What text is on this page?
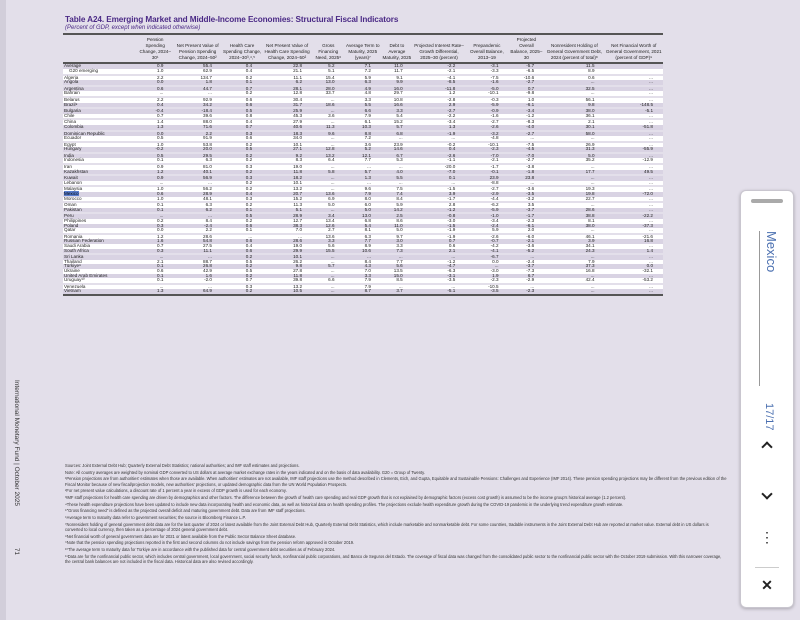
International Monetary Fund | October 2025 71
Table A24. Emerging Market and Middle-Income Economies: Structural Fiscal Indicators
(Percent of GDP, except when indicated otherwise)
	Pension Spending Change, 2024–30¹	Net Present Value of Pension Spending Change, 2024–50²	Health Care Spending Change, 2024–30³,⁴,⁵	Net Present Value of Health Care Spending Change, 2024–50²	Gross Financing Need, 2025⁶	Average Term to Maturity, 2025 (years)⁷	Debt to Average Maturity, 2025	Projected Interest Rate–Growth Differential, 2025–30 (percent)	Prepandemic Overall Balance, 2013–19	Projected Overall Balance, 2025–30	Nonresident Holding of General Government Debt, 2024 (percent of total)⁸	Net Financial Worth of General Government, 2021 (percent of GDP)⁹
Average	0.9	55.4	0.4	22.8	5.2	7.1	11.0	-2.2	-3.1	-5.7	11.5	
G20 emerging	1.0	62.9	0.4	21.1	5.1	7.2	11.7	-2.1	-3.3	-6.5	8.9	

Algeria	2.2	134.7	0.2	11.1	15.4	5.9	9.1	-4.1	-7.5	-10.6	0.6	...
Angola	0.0	1.8	0.1	6.2	13.0	6.3	9.9	-8.5	-1.6	-2.7	...	...

Argentina	0.6	44.7	0.7	28.1	28.0	4.9	16.0	-11.8	-5.0	0.7	32.5	...
Bahrain	...	...	0.2	12.8	33.7	4.8	29.7	1.2	-10.1	-9.8	...	...

Belarus	2.2	92.9	0.6	30.4	...	3.3	10.8	-2.8	-0.3	1.0	56.1	...
Brazil⁹	0.4	34.2	0.6	31.7	18.6	5.5	16.6	2.9	-5.9	-6.1	9.8	-148.5

Bulgaria	-0.4	-18.4	0.5	25.9	...	6.6	3.3	-2.7	-0.9	-3.4	38.0	-5.1
Chile	0.7	39.6	0.8	45.3	3.6	7.9	5.4	-2.2	-1.6	-1.2	36.1	...

China	1.4	88.0	0.4	27.9	...	6.1	15.2	-3.4	-2.7	-8.3	2.1	...
Colombia	1.3	71.6	0.7	40.6	11.3	10.3	5.7	1.3	-2.6	-4.0	30.1	-51.8

Dominican Republic	0.0	2.2	0.3	18.3	9.6	8.8	6.8	-1.9	-3.2	-2.7	58.0	...
Ecuador	0.5	91.9	0.6	34.0	...	7.2	...	...	-4.8	...	...	...

Egypt	1.0	53.8	0.2	10.1	...	3.6	23.9	-0.2	-10.1	-7.5	26.9	...
Hungary	-0.2	20.0	0.5	27.1	12.8	5.2	14.6	0.4	-2.3	-4.5	31.3	-55.9

India	0.5	29.5	0.2	9.2	13.2	12.1	6.7	-2.6	-7.0	-7.0	5.0	...
Indonesia	0.1	6.3	0.2	8.3	6.4	7.7	5.3	-1.1	-2.1	-2.7	35.2	-12.9

Iran	0.9	81.0	0.3	19.0	...	...	...	-20.0	-1.7	-3.8	...	...
Kazakhstan	1.2	40.1	0.2	11.8	5.8	5.7	4.0	-7.0	-0.1	-1.8	17.7	49.5

Kuwait	0.9	56.9	0.3	18.2	...	1.3	5.5	0.1	23.9	23.8	...	...
Lebanon	...	...	0.2	10.1	...	...	...	...	-8.8	...	...	...

Malaysia	1.0	56.2	0.2	13.2	...	9.6	7.5	-1.5	-2.7	-3.6	19.3	...
Mexico	0.6	28.9	0.4	20.7	13.6	7.9	7.4	3.9	-2.9	-3.5	19.8	-72.0
Morocco	1.0	48.1	0.3	15.2	6.9	8.0	8.4	-1.7	-4.4	-3.2	22.7	...

Oman	0.1	6.3	0.2	11.3	5.0	6.0	5.9	2.8	-6.2	3.5	...	...
Pakistan	0.1	6.2	0.1	5.1	...	5.0	14.2	-1.2	-5.9	-3.7	28.6	...

Peru	...	...	0.5	28.9	3.4	13.0	2.5	-0.8	-1.0	-1.7	38.8	-22.2
Philippines	0.2	8.4	0.2	12.7	13.4	6.8	8.6	-3.0	-3.4	-2.3	8.1	...
Poland	0.3	-2.4	0.6	38.3	12.6	5.4	11.0	-1.5	-2.4	-6.1	38.0	-37.3
Qatar	0.0	2.2	0.1	7.0	2.7	8.1	5.0	-1.9	5.9	2.0	...	...

Romania	1.2	28.6	...	...	13.6	6.3	9.7	-1.9	-2.6	-6.0	46.1	-21.6
Russian Federation	1.6	54.8	0.6	28.6	3.3	7.7	3.0	0.7	-0.7	-2.1	3.9	16.8
Saudi Arabia	0.7	27.5	0.4	19.0	5.6	8.9	3.3	0.6	-4.2	-3.6	34.1	...
South Africa	0.3	11.1	0.6	29.9	15.5	10.6	7.3	2.1	-4.1	-5.2	24.3	1.4

Sri Lanka	...	...	0.2	10.1	...	...	...	...	-6.7	...	...	...
Thailand	2.1	88.7	0.5	26.2	...	8.4	7.7	-1.2	0.0	-2.4	7.9	...
Türkiye⁹	0.1	26.8	0.2	9.8	5.7	4.3	5.6	-4.7	...	-3.7	37.3	0.0
Ukraine	0.6	42.9	0.5	27.8	...	7.0	13.5	-6.3	-3.0	-7.3	16.8	-32.1
United Arab Emirates	0.1	1.6	0.2	11.8	...	3.3	15.0	-3.1	1.9	6.7	...	...
Uruguay¹⁰	0.1	-2.0	0.7	39.8	6.6	7.9	8.5	-3.5	-2.3	-2.9	42.4	-53.2

Venezuela	...	...	0.3	13.2	...	7.9	...	...	-10.5	...	...	...
Vietnam	1.3	64.9	0.2	10.5	...	8.7	3.7	-5.1	-3.5	-2.3	...	...

Sources: Joint External Debt Hub; Quarterly External Debt Statistics; national authorities; and IMF staff estimates and projections.

Note: All country averages are weighted by nominal GDP converted to US dollars at average market exchange rates in the years indicated and on the basis of data availability. G20 = Group of Twenty.

¹Pension projections are from authorities' estimates when those are available. When authorities' estimates are not available, IMF staff projections use the method described in Clements, Eich, and Gupta, Equitable and Sustainable Pensions: Challenges and Experience (IMF 2014). These pension spending projections may be different from the previous edition of the Fiscal Monitor because of new fiscal/projection models, new authorities' projections, or updated demographic data from the UN World Population Prospects.

²For net present value calculations, a discount rate of 1 percent a year in excess of GDP growth is used for each economy.

³IMF staff projections for health care spending are driven by demographics and other factors. The difference between the growth of health care spending and real GDP growth that is not explained by demographic factors (excess cost growth) is assumed to be the income group's historical average (1.2 percent).

⁴These health expenditure projections have been updated to include new data incorporating health and economic data, as well as historical data on health spending profiles. The projections exclude health expenditure growth during the COVID-19 pandemic in the underlying trend expenditure growth estimate.

⁵"Gross financing need" is defined as the projected overall deficit and maturing government debt. Data are from IMF staff projections.

⁶Average term to maturity data refer to government securities; the source is Bloomberg Finance L.P.

⁷Nonresident holding of general government debt data are for the last quarter of 2024 or latest available from the Joint External Debt Hub, Quarterly External Debt Statistics, which include marketable and nonmarketable debt. For some countries, tradable instruments in the Joint External Debt Hub are reported at market value. External debt in US dollars is converted to local currency, then taken as a percentage of 2024 general government debt.

⁸Net financial worth of general government data are for 2021 or latest available from the Public Sector Balance Sheet database.

⁹Note that the pension spending projections reported in the first and second columns do not include savings from the pension reform approved in October 2019.

¹⁰The average term to maturity data for Türkiye are in accordance with the published data for central government debt securities as of February 2024.

¹¹Data are for the nonfinancial public sector, which includes central government, local government, social security funds, nonfinancial public corporations, and Banco de Seguros del Estado. The coverage of fiscal data was changed from the consolidated public sector to the nonfinancial public sector with the October 2019 submission. With this narrower coverage, the central bank balances are not included in the fiscal data. Historical data are also revised accordingly.

Mexico
17/17
⋮
✕
